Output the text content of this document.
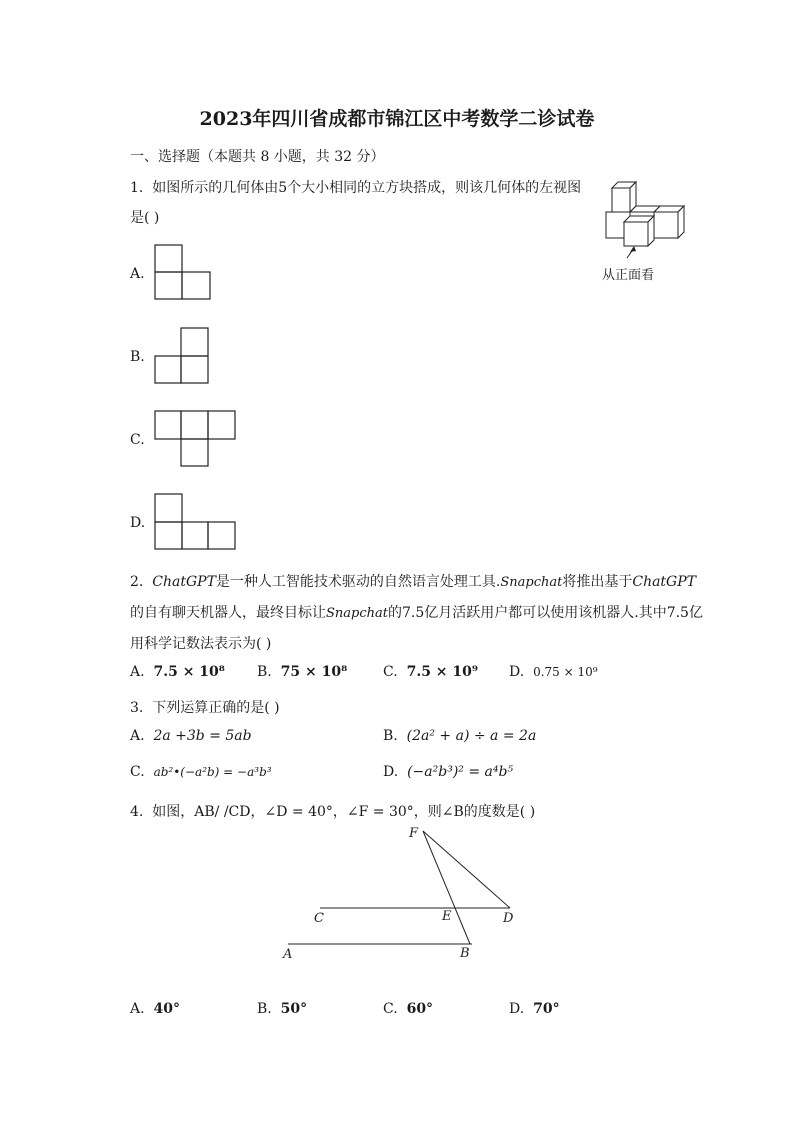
2023年四川省成都市锦江区中考数学二诊试卷
一、选择题（本题共 8 小题，共 32 分）
1. 如图所示的几何体由5个大小相同的立方块搭成，则该几何体的左视图
是( )
从正面看
A.
B.
C.
D.
2. ChatGPT是一种人工智能技术驱动的自然语言处理工具.Snapchat将推出基于ChatGPT
的自有聊天机器人，最终目标让Snapchat的7.5亿月活跃用户都可以使用该机器人.其中7.5亿
用科学记数法表示为( )
A. 7.5 × 10⁸ B. 75 × 10⁸	C. 7.5 × 10⁹ D. 0.75 × 10⁹
3. 下列运算正确的是( )
A. 2a +3b = 5ab	B. (2a² + a) ÷ a = 2a
C. ab²•(−a²b) = −a³b³	D. (−a²b³)² = a⁴b⁵
4. 如图，AB/ /CD，∠D = 40°，∠F = 30°，则∠B的度数是( )
F
C	E	D
A	B
A. 40°	B. 50°	C. 60°	D. 70°
